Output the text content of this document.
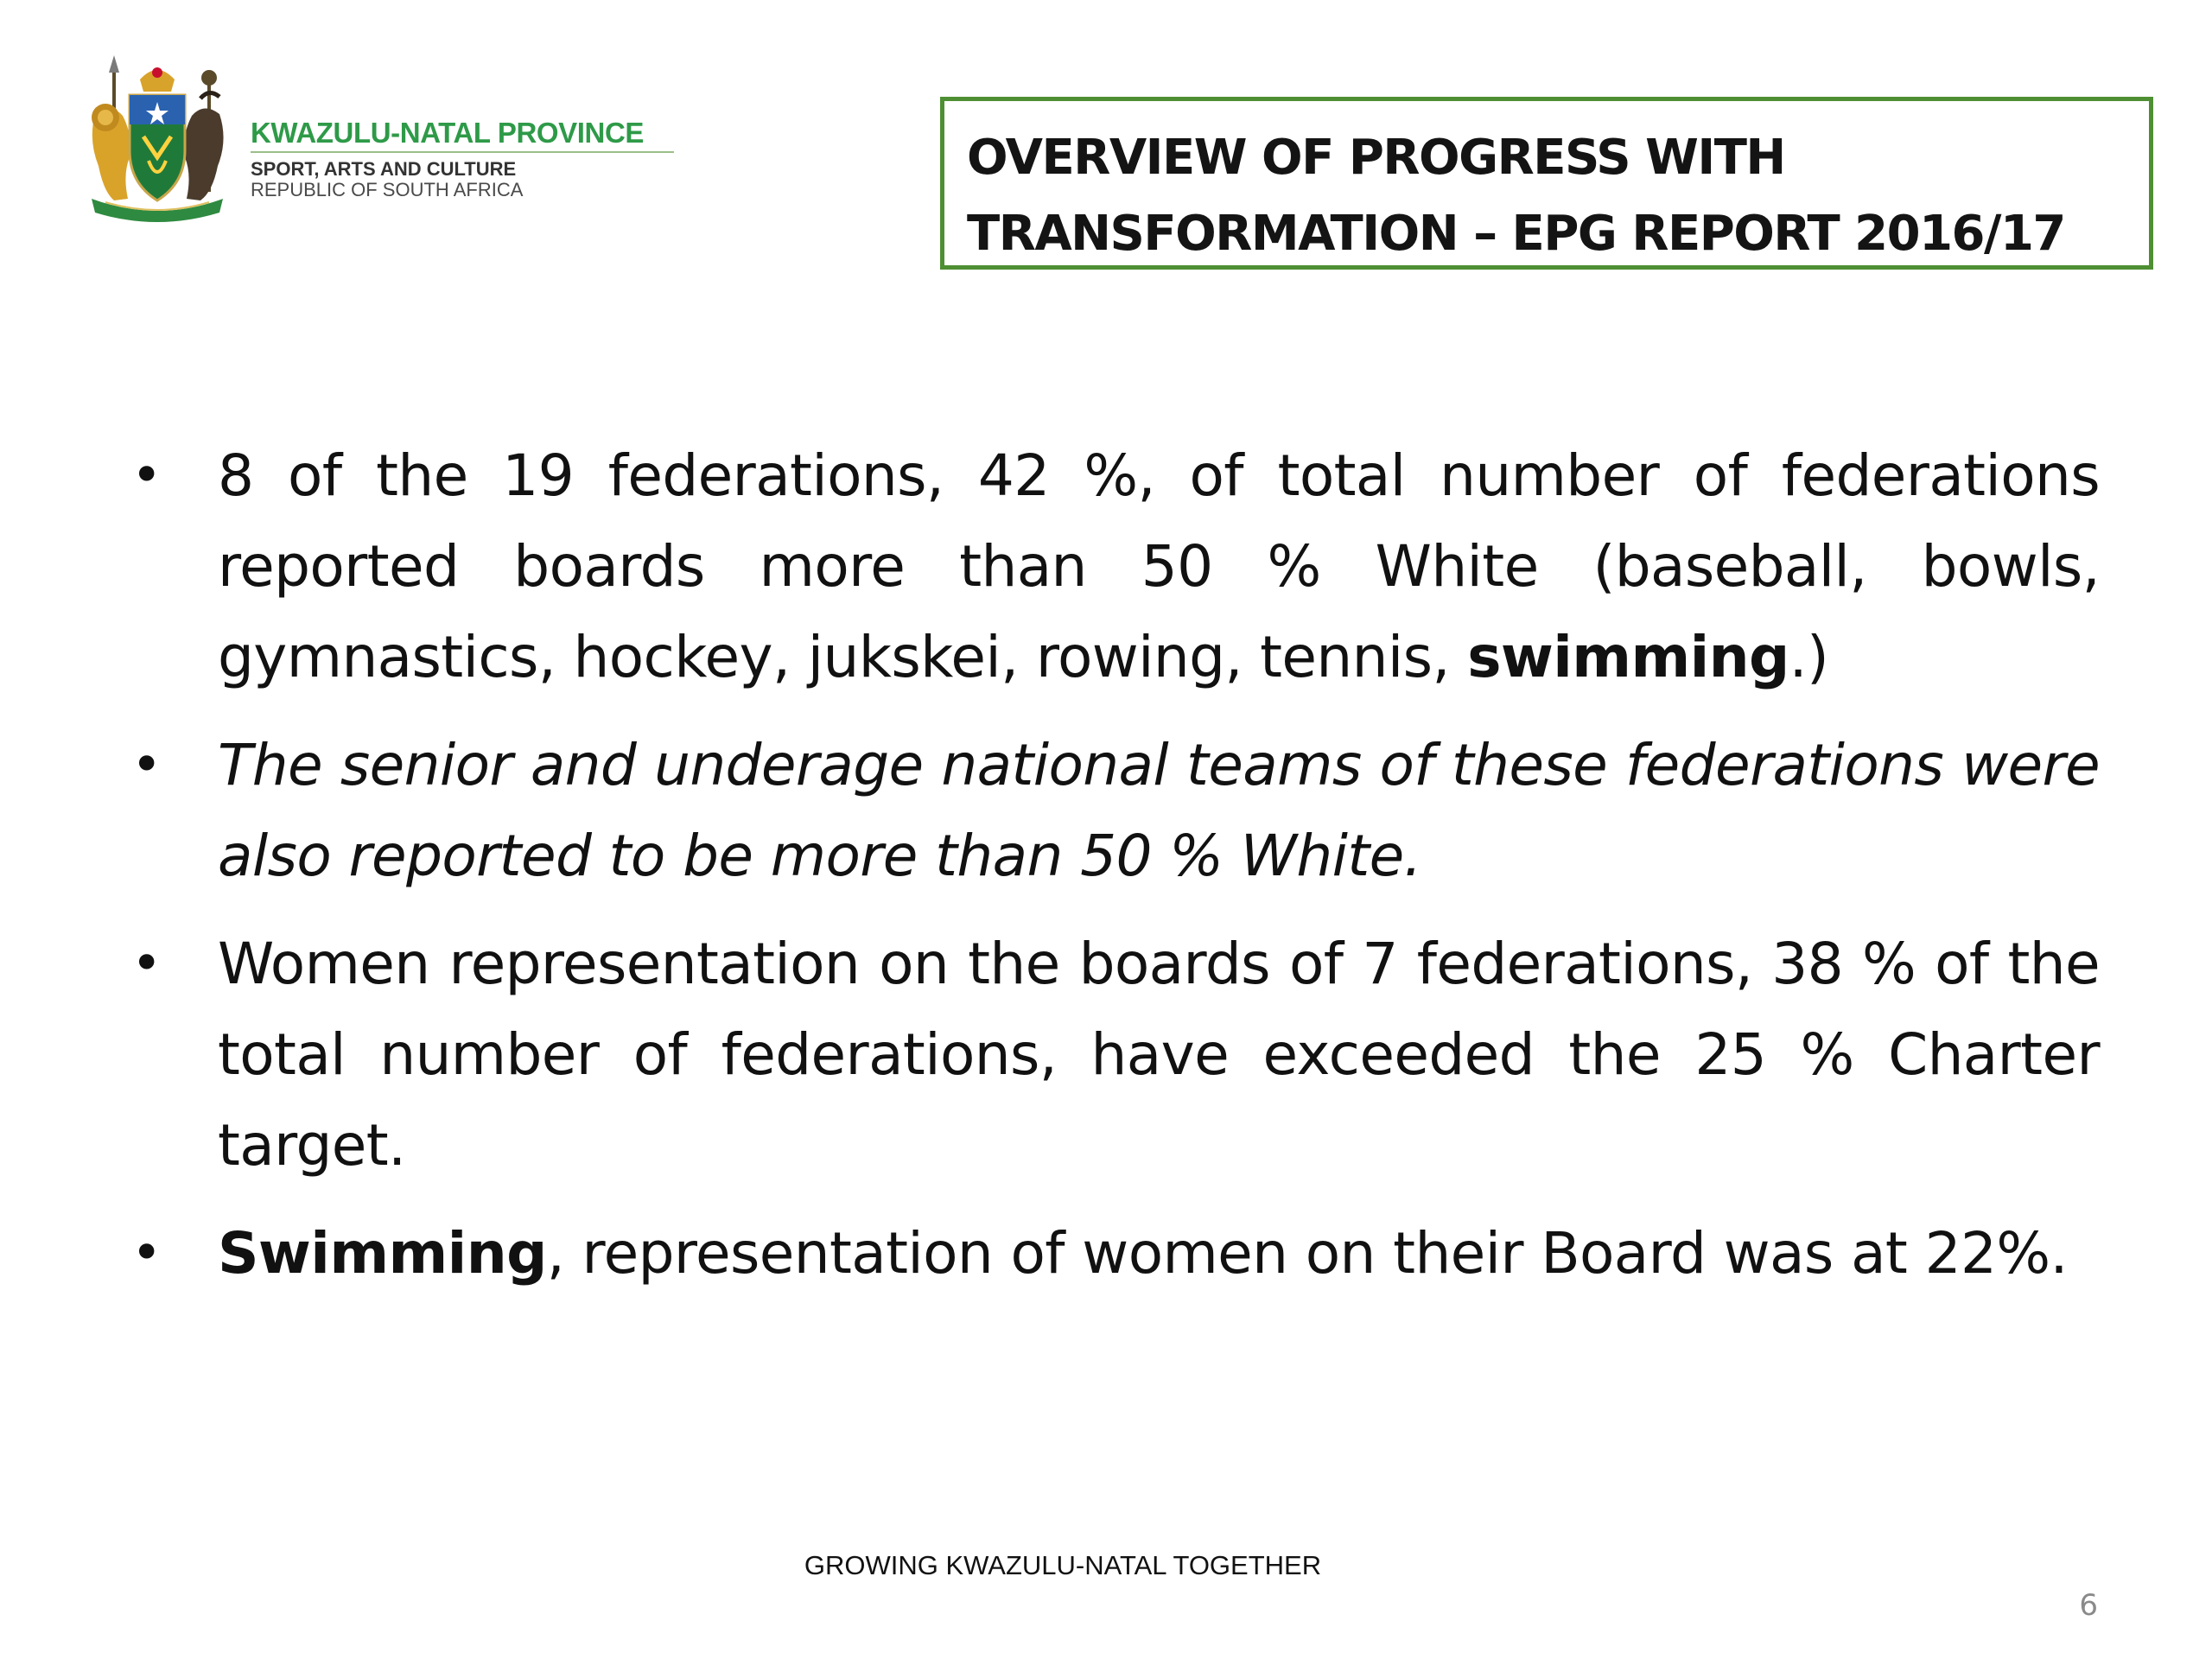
KWAZULU-NATAL PROVINCE
SPORT, ARTS AND CULTURE
REPUBLIC OF SOUTH AFRICA

OVERVIEW OF PROGRESS WITH
TRANSFORMATION – EPG REPORT 2016/17

• 8 of the 19 federations, 42 %, of total number of federations reported boards more than 50 % White (baseball, bowls, gymnastics, hockey, jukskei, rowing, tennis, swimming.)
• The senior and underage national teams of these federations were also reported to be more than 50 % White.
• Women representation on the boards of 7 federations, 38 % of the total number of federations, have exceeded the 25 % Charter target.
• Swimming, representation of women on their Board was at 22%.
GROWING KWAZULU-NATAL TOGETHER
6
